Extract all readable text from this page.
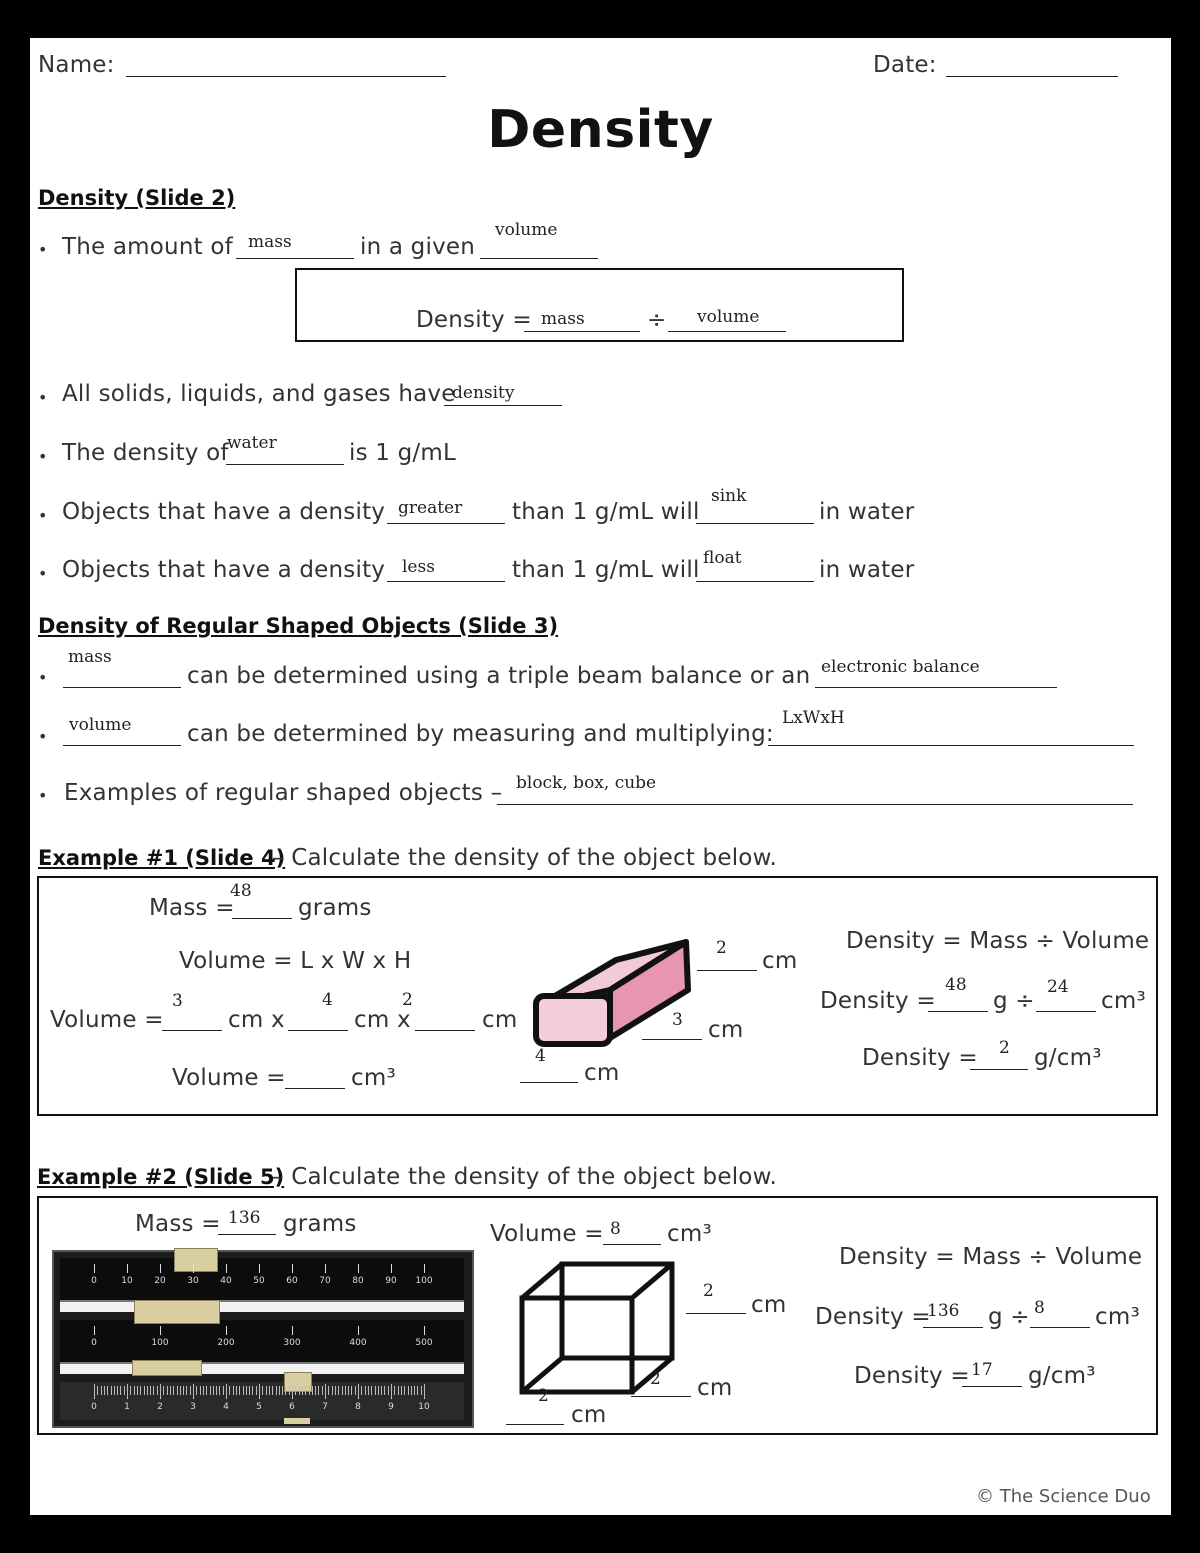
Name:	Date:
Density
Density (Slide 2)
• The amount of mass	in a given
volume
Density = mass	÷ volume
• All solids, liquids, and gases have
density
• The density of
water	is 1 g/mL
• Objects that have a density greater than 1 g/mL will
sink
in water
• Objects that have a density less	than 1 g/mL will float	in water
Density of Regular Shaped Objects (Slide 3)
•
mass
can be determined using a triple beam balance or an electronic balance
•
volume can be determined by measuring and multiplying:
LxWxH
• Examples of regular shaped objects – block, box, cube
Example #1 (Slide 4)
– Calculate the density of the object below.
Mass =
48
grams
Volume = L x W x H
Volume =
3
cm x
4
cm x
2
cm
Volume =	cm³
2 cm
3 cm
4
cm
Density = Mass ÷ Volume
Density =
48
g ÷
24
cm³
Density = 2 g/cm³
Example #2 (Slide 5)
– Calculate the density of the object below.
Mass = 136 grams
0	10	20	30	40	50	60	70	80	90	100
0	100	200	300	400	500
0	1	2	3	4	5	6	7	8	9	10
Volume = 8 cm³
2
cm
2 cm
2
cm
Density = Mass ÷ Volume
Density =
136 g ÷ 8 cm³
Density = 17 g/cm³
© The Science Duo
